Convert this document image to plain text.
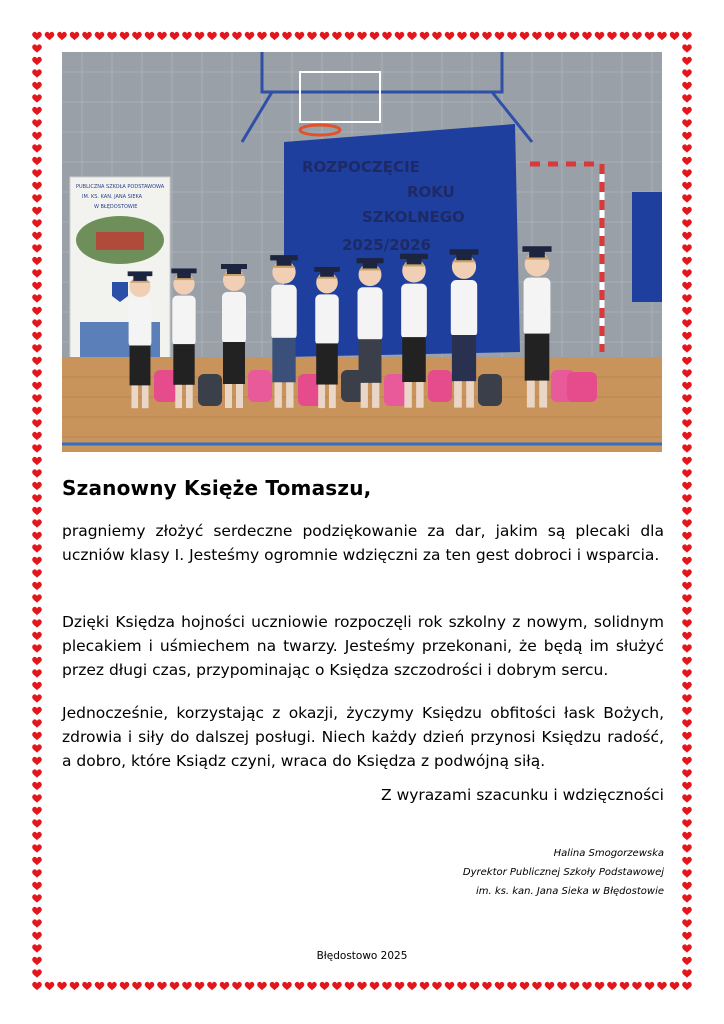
ROZPOCZĘCIE
ROKU
SZKOLNEGO
2025/2026
PUBLICZNA SZKOŁA PODSTAWOWA
IM. KS. KAN. JANA SIEKA
W BŁĘDOSTOWIE
Szanowny Księże Tomaszu,

pragniemy złożyć serdeczne podziękowanie za dar, jakim są plecaki dla uczniów klasy I. Jesteśmy ogromnie wdzięczni za ten gest dobroci i wsparcia.

Dzięki Księdza hojności uczniowie rozpoczęli rok szkolny z nowym, solidnym plecakiem i uśmiechem na twarzy. Jesteśmy przekonani, że będą im służyć przez długi czas, przypominając o Księdza szczodrości i dobrym sercu.

Jednocześnie, korzystając z okazji, życzymy Księdzu obfitości łask Bożych, zdrowia i siły do dalszej posługi. Niech każdy dzień przynosi Księdzu radość, a dobro, które Ksiądz czyni, wraca do Księdza z podwójną siłą.

Z wyrazami szacunku i wdzięczności

Halina Smogorzewska
Dyrektor Publicznej Szkoły Podstawowej
im. ks. kan. Jana Sieka w Błędostowie

Błędostowo 2025
